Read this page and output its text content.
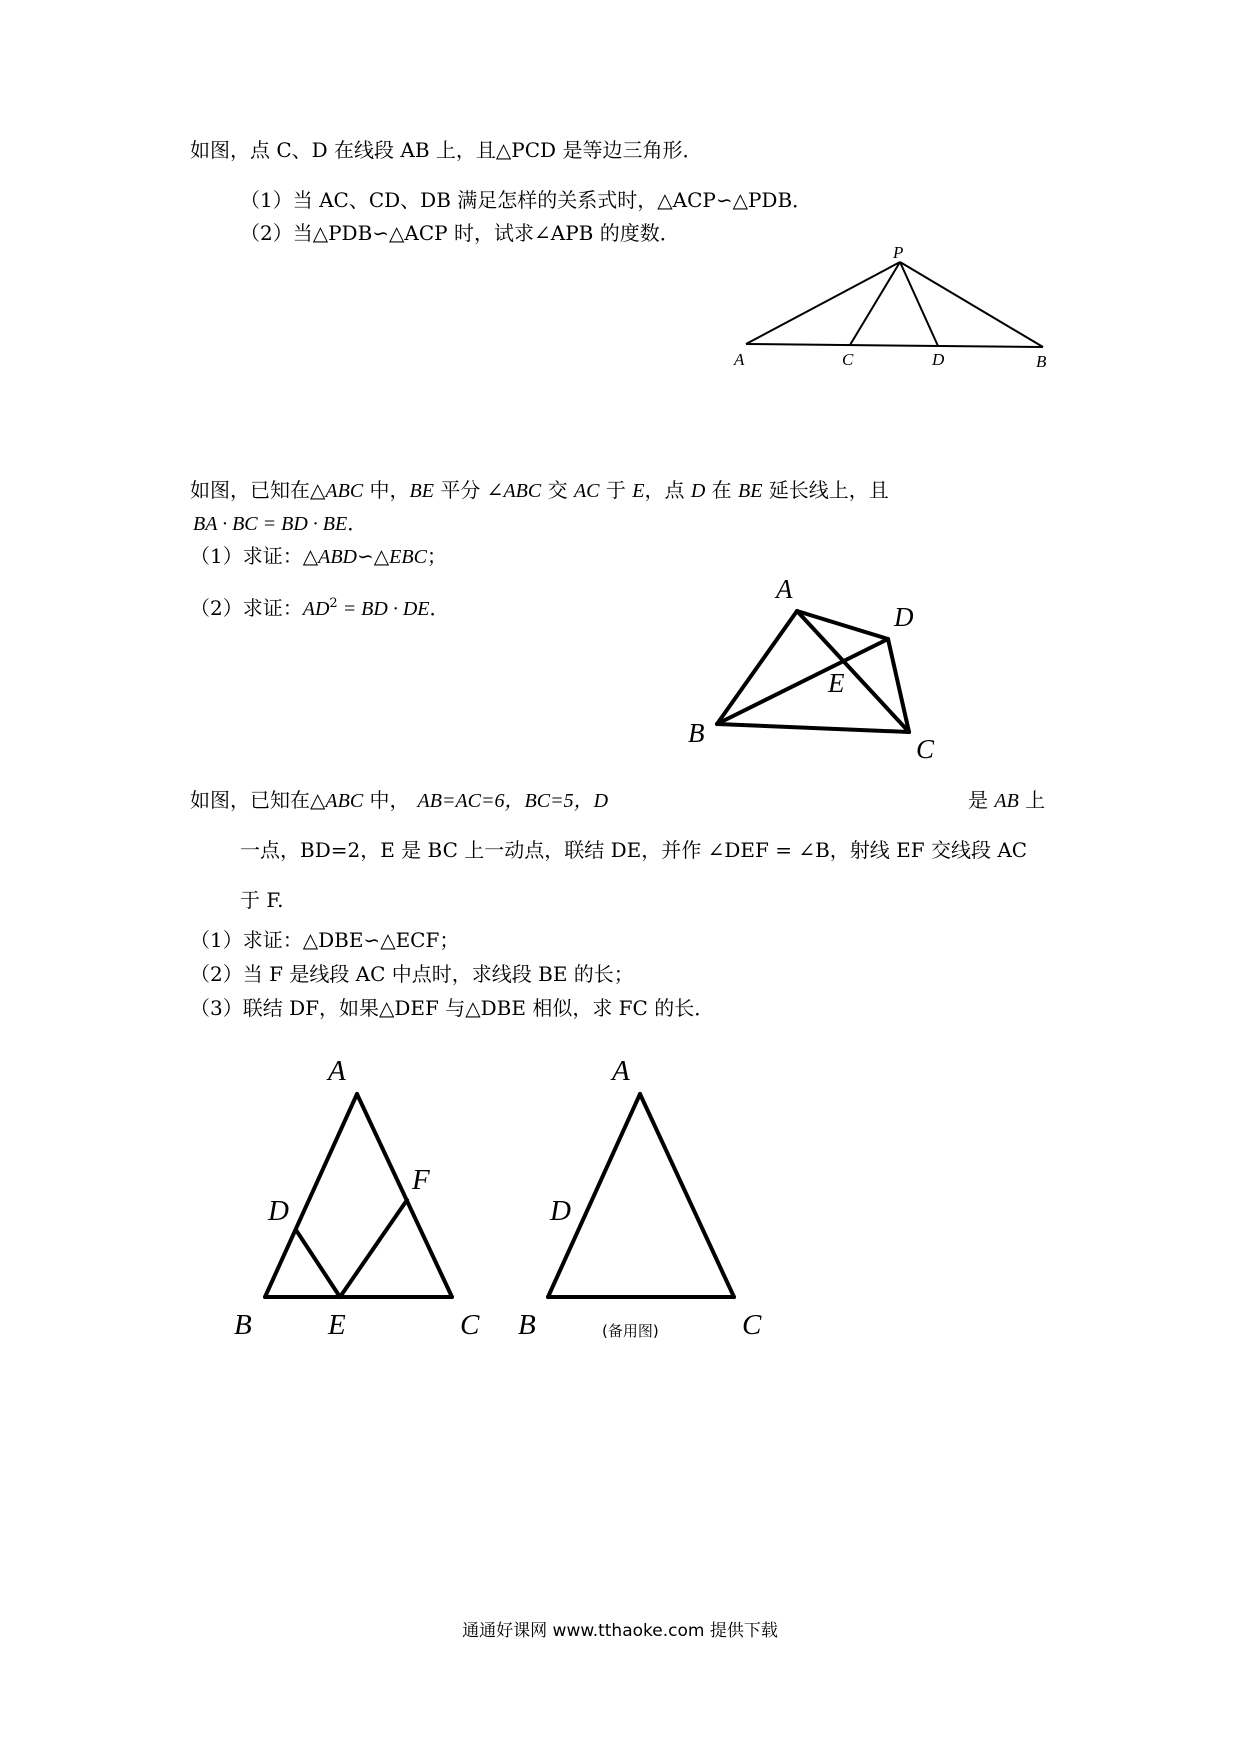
如图，点 C、D 在线段 AB 上，且△PCD 是等边三角形．
（1）当 AC、CD、DB 满足怎样的关系式时，△ACP∽△PDB．
（2）当△PDB∽△ACP 时，试求∠APB 的度数．
P
A	C	D	B
如图，已知在△ABC 中，BE 平分 ∠ABC 交 AC 于 E，点 D 在 BE 延长线上，且
BA · BC = BD · BE．
（1）求证：△ABD∽△EBC；
（2）求证：$AD^2$ = BD · DE．
A
D
E
B
C
如图，已知在△ABC 中， AB=AC=6，BC=5，D	是 AB 上
一点，BD=2，E 是 BC 上一动点，联结 DE，并作 ∠DEF = ∠B，射线 EF 交线段 AC
于 F.
（1）求证：△DBE∽△ECF；
（2）当 F 是线段 AC 中点时，求线段 BE 的长；
（3）联结 DF，如果△DEF 与△DBE 相似，求 FC 的长．
A
D
F
B	E	C
A
D
B	C
(备用图)
通通好课网 www.tthaoke.com 提供下载
